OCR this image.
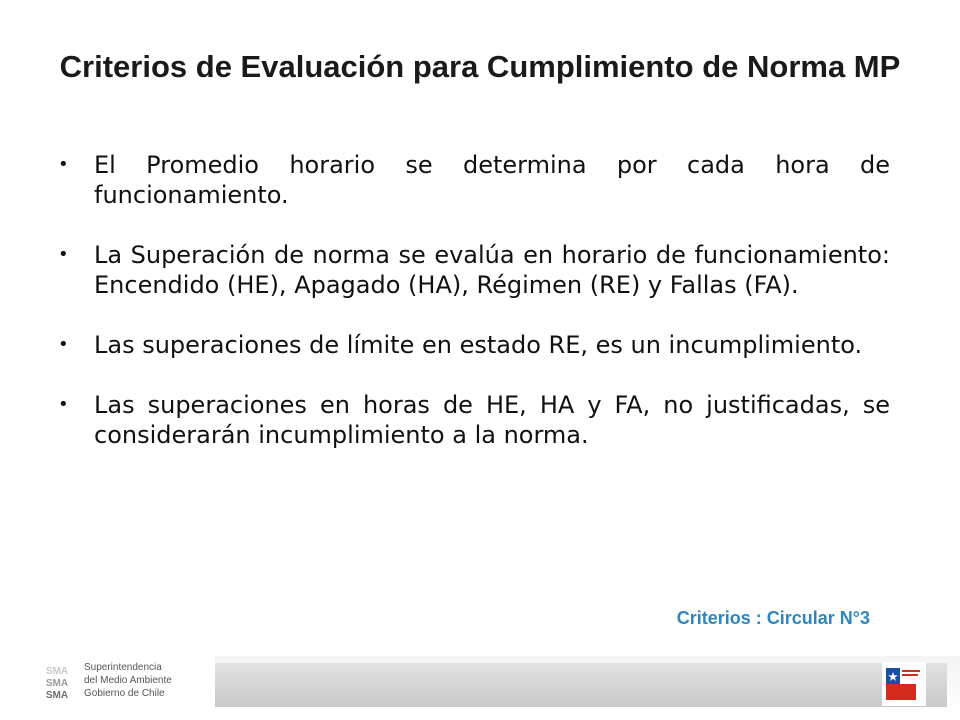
Criterios de Evaluación para Cumplimiento de Norma MP
• El Promedio horario se determina por cada hora de funcionamiento.
• La Superación de norma se evalúa en horario de funcionamiento: Encendido (HE), Apagado (HA), Régimen (RE) y Fallas (FA).
• Las superaciones de límite en estado RE, es un incumplimiento.
• Las superaciones en horas de HE, HA y FA, no justificadas, se considerarán incumplimiento a la norma.
Criterios : Circular N°3
SMA
SMA
SMA
Superintendencia
del Medio Ambiente
Gobierno de Chile
